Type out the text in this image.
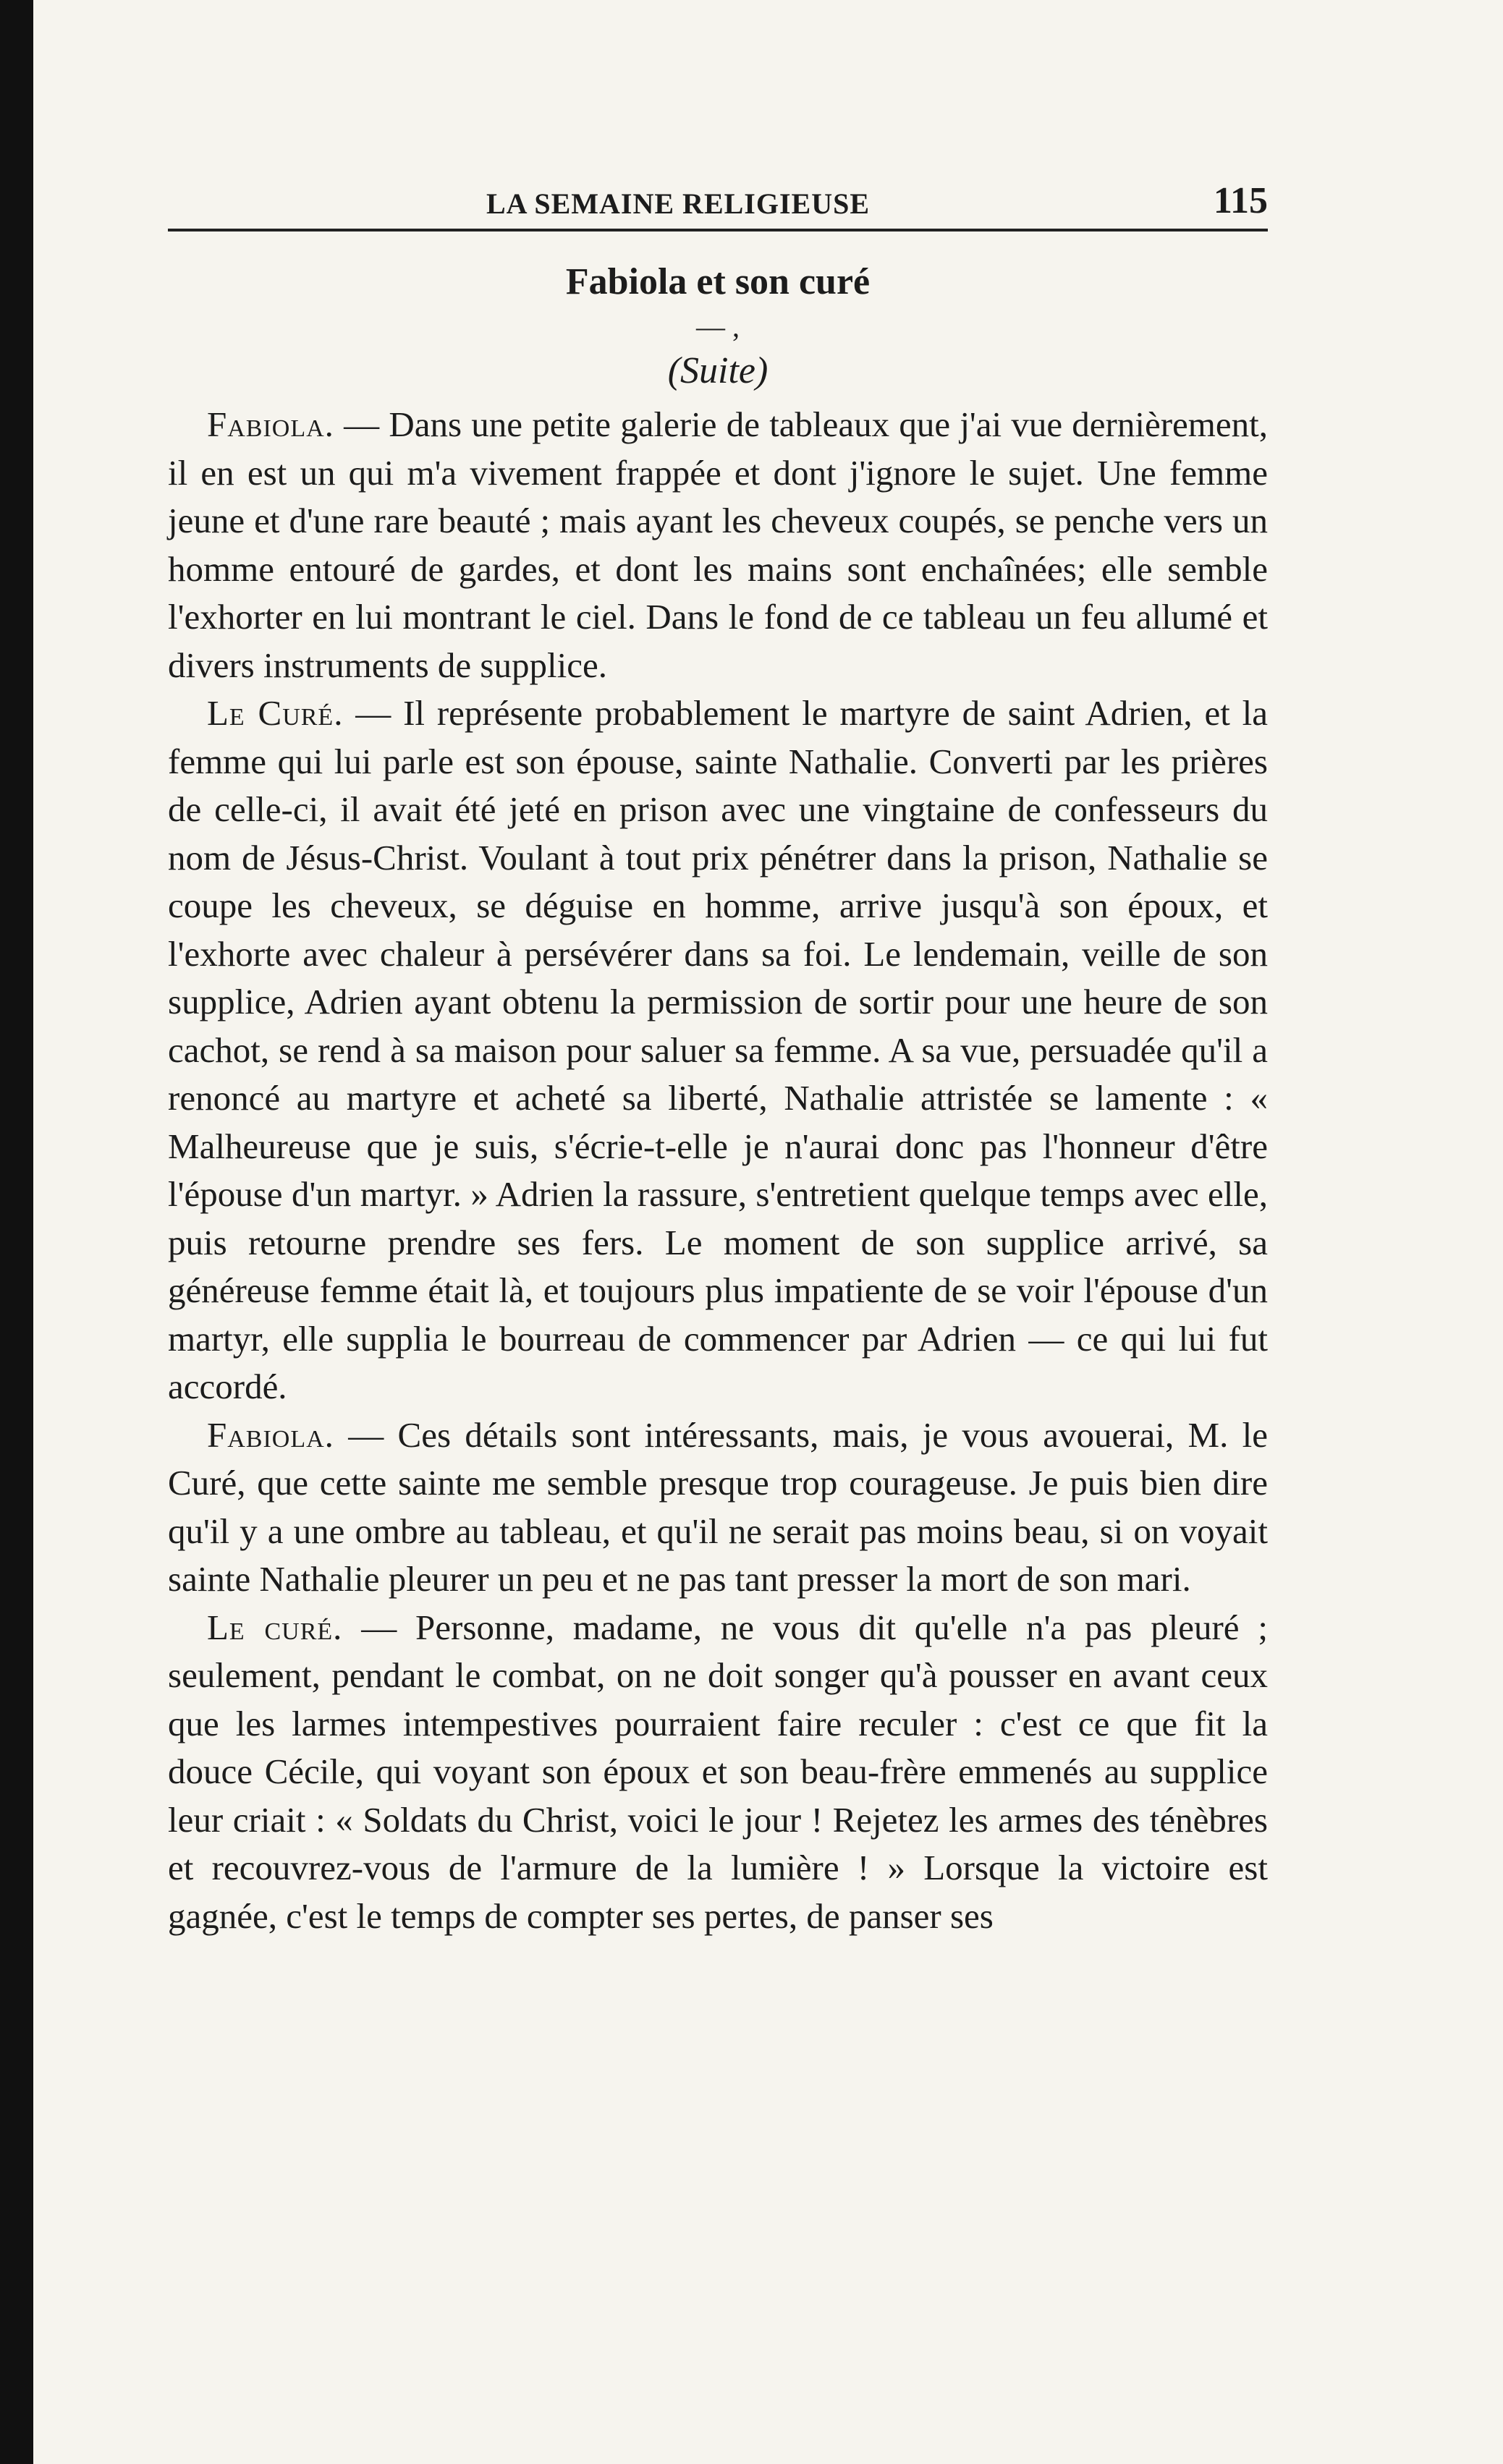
LA SEMAINE RELIGIEUSE	115
Fabiola et son curé
— ,
(Suite)

Fabiola. — Dans une petite galerie de tableaux que j'ai vue dernièrement, il en est un qui m'a vivement frappée et dont j'ignore le sujet. Une femme jeune et d'une rare beauté ; mais ayant les cheveux coupés, se penche vers un homme entouré de gardes, et dont les mains sont enchaînées; elle semble l'exhorter en lui montrant le ciel. Dans le fond de ce tableau un feu allumé et divers instruments de supplice.

Le Curé. — Il représente probablement le martyre de saint Adrien, et la femme qui lui parle est son épouse, sainte Nathalie. Converti par les prières de celle-ci, il avait été jeté en prison avec une vingtaine de confesseurs du nom de Jésus-Christ. Voulant à tout prix pénétrer dans la prison, Nathalie se coupe les cheveux, se déguise en homme, arrive jusqu'à son époux, et l'exhorte avec chaleur à persévérer dans sa foi. Le lendemain, veille de son supplice, Adrien ayant obtenu la permission de sortir pour une heure de son cachot, se rend à sa maison pour saluer sa femme. A sa vue, persuadée qu'il a renoncé au martyre et acheté sa liberté, Nathalie attristée se lamente : « Malheureuse que je suis, s'écrie-t-elle je n'aurai donc pas l'honneur d'être l'épouse d'un martyr. » Adrien la rassure, s'entretient quelque temps avec elle, puis retourne prendre ses fers. Le moment de son supplice arrivé, sa généreuse femme était là, et toujours plus impatiente de se voir l'épouse d'un martyr, elle supplia le bourreau de commencer par Adrien — ce qui lui fut accordé.

Fabiola. — Ces détails sont intéressants, mais, je vous avouerai, M. le Curé, que cette sainte me semble presque trop courageuse. Je puis bien dire qu'il y a une ombre au tableau, et qu'il ne serait pas moins beau, si on voyait sainte Nathalie pleurer un peu et ne pas tant presser la mort de son mari.

Le curé. — Personne, madame, ne vous dit qu'elle n'a pas pleuré ; seulement, pendant le combat, on ne doit songer qu'à pousser en avant ceux que les larmes intempestives pourraient faire reculer : c'est ce que fit la douce Cécile, qui voyant son époux et son beau-frère emmenés au supplice leur criait : « Soldats du Christ, voici le jour ! Rejetez les armes des ténèbres et recouvrez-vous de l'armure de la lumière ! » Lorsque la victoire est gagnée, c'est le temps de compter ses pertes, de panser ses
